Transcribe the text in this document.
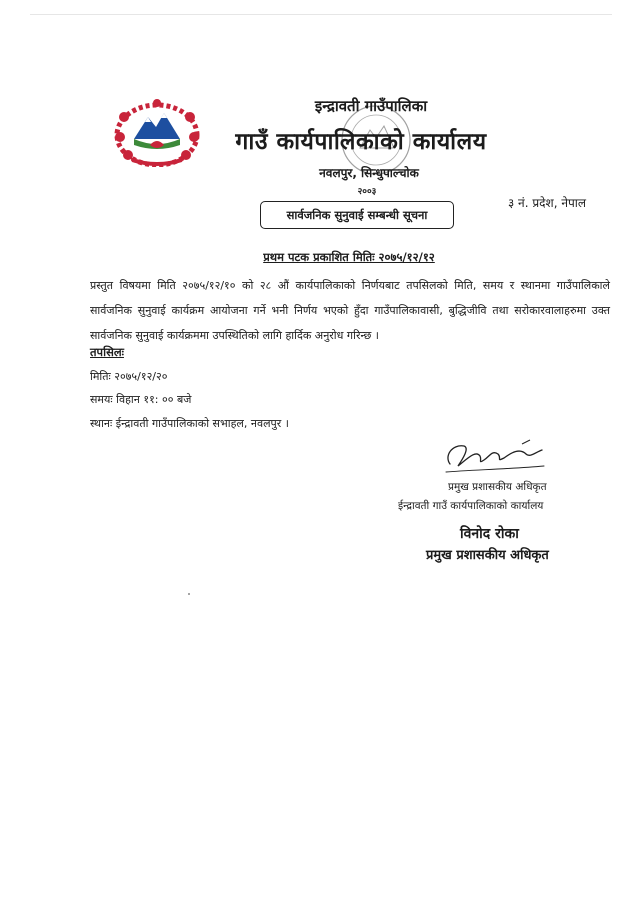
इन्द्रावती गाउँपालिका
गाउँ कार्यपालिकाको कार्यालय
नवलपुर, सिन्धुपाल्चोक
२००३
३ नं. प्रदेश, नेपाल
सार्वजनिक सुनुवाई सम्बन्धी सूचना
प्रथम पटक प्रकाशित मितिः २०७५/१२/१२
प्रस्तुत विषयमा मिति २०७५/१२/१० को २८ औं कार्यपालिकाको निर्णयबाट तपसिलको मिति, समय र स्थानमा गाउँपालिकाले सार्वजनिक सुनुवाई कार्यक्रम आयोजना गर्ने भनी निर्णय भएको हुँदा गाउँपालिकावासी, बुद्धिजीवि तथा सरोकारवालाहरुमा उक्त सार्वजनिक सुनुवाई कार्यक्रममा उपस्थितिको लागि हार्दिक अनुरोध गरिन्छ ।
तपसिलः
मितिः २०७५/१२/२०
समयः विहान ११: ०० बजे
स्थानः ईन्द्रावती गाउँपालिकाको सभाहल, नवलपुर ।
प्रमुख प्रशासकीय अधिकृत
ईन्द्रावती गाउँ कार्यपालिकाको कार्यालय
विनोद रोका
प्रमुख प्रशासकीय अधिकृत
